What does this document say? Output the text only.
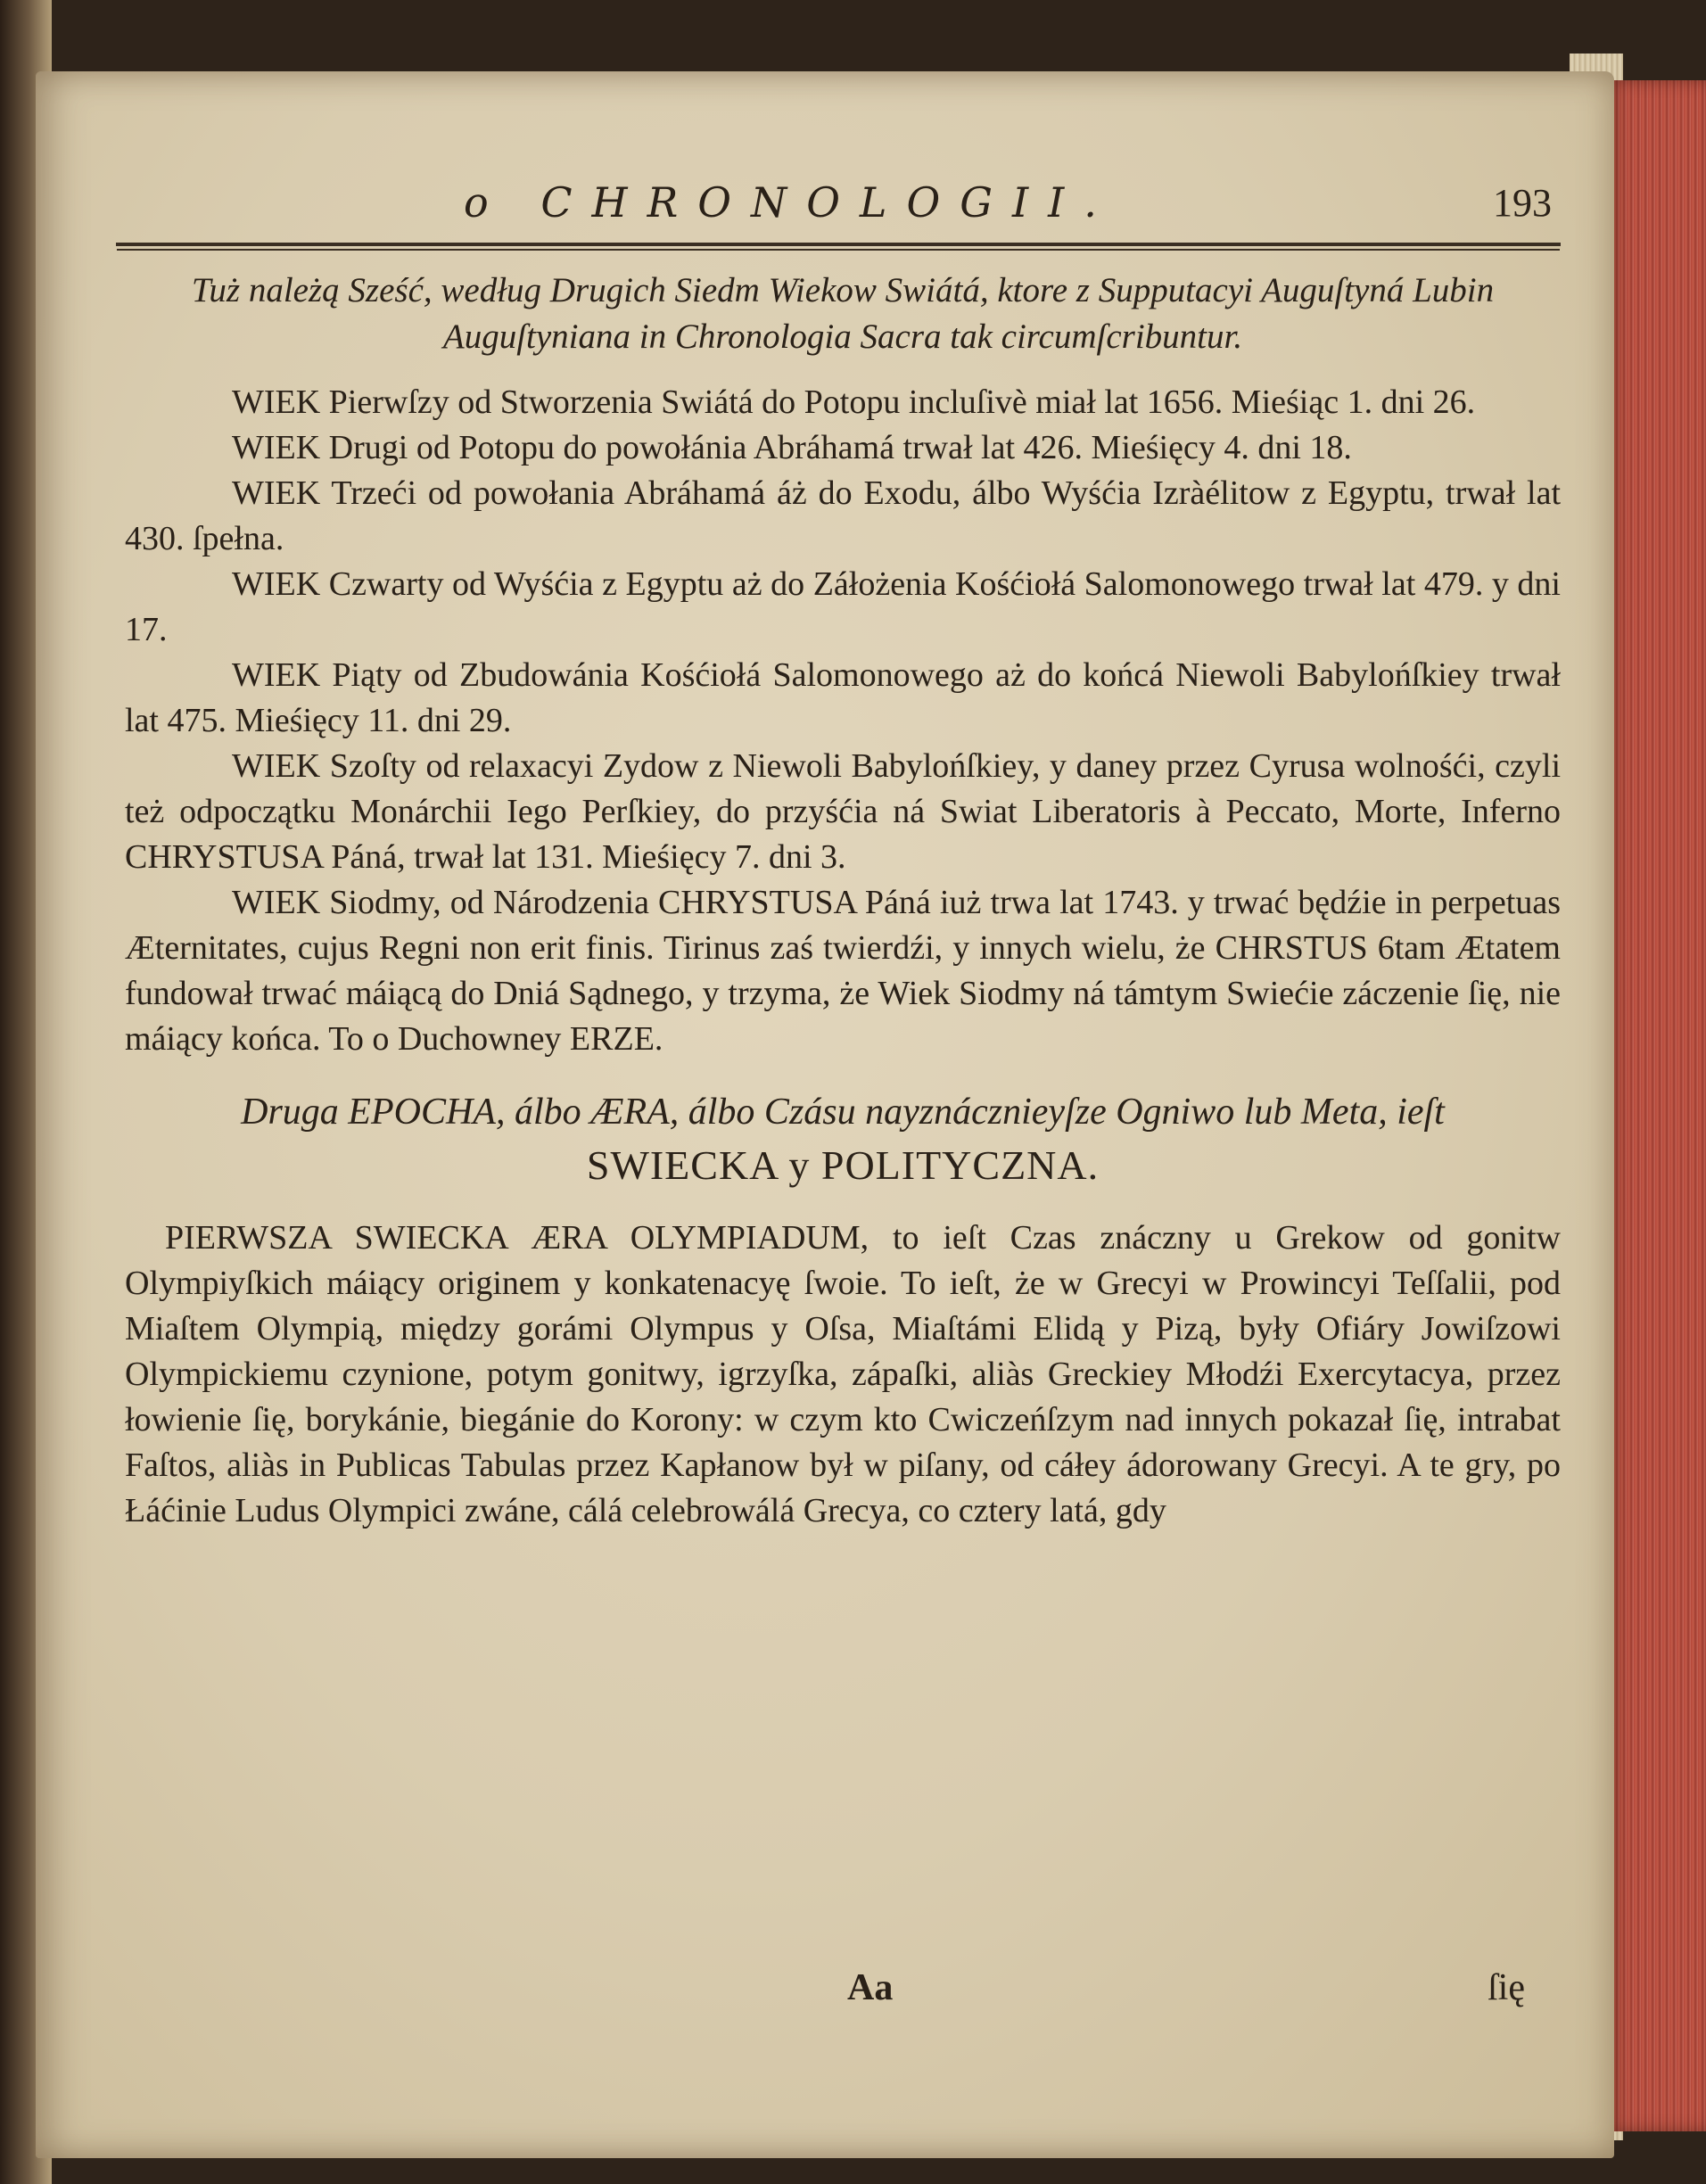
o CHRONOLOGII.	193

Tuż należą Sześć, według Drugich Siedm Wiekow Swiátá, ktore z Supputacyi Auguſtyná Lubin Auguſtyniana in Chronologia Sacra tak circumſcribuntur.

WIEK Pierwſzy od Stworzenia Swiátá do Potopu incluſivè miał lat 1656. Mieśiąc 1. dni 26.

WIEK Drugi od Potopu do powołánia Abráhamá trwał lat 426. Mieśięcy 4. dni 18.

WIEK Trzeći od powołania Abráhamá áż do Exodu, álbo Wyśćia Izràélitow z Egyptu, trwał lat 430. ſpełna.

WIEK Czwarty od Wyśćia z Egyptu aż do Záłożenia Kośćiołá Salomonowego trwał lat 479. y dni 17.

WIEK Piąty od Zbudowánia Kośćiołá Salomonowego aż do końcá Niewoli Babylońſkiey trwał lat 475. Mieśięcy 11. dni 29.

WIEK Szoſty od relaxacyi Zydow z Niewoli Babylońſkiey, y daney przez Cyrusa wolnośći, czyli też odpoczątku Monárchii Iego Perſkiey, do przyśćia ná Swiat Liberatoris à Peccato, Morte, Inferno CHRYSTUSA Páná, trwał lat 131. Mieśięcy 7. dni 3.

WIEK Siodmy, od Národzenia CHRYSTUSA Páná iuż trwa lat 1743. y trwać będźie in perpetuas Æternitates, cujus Regni non erit finis. Tirinus zaś twierdźi, y innych wielu, że CHRSTUS 6tam Ætatem fundował trwać máiącą do Dniá Sądnego, y trzyma, że Wiek Siodmy ná támtym Swiećie záczenie ſię, nie máiący końca. To o Duchowney ERZE.

Druga EPOCHA, álbo ÆRA, álbo Czásu nayznácznieyſze Ogniwo lub Meta, ieſt SWIECKA y POLITYCZNA.

PIERWSZA SWIECKA ÆRA OLYMPIADUM, to ieſt Czas znáczny u Grekow od gonitw Olympiyſkich máiący originem y konkatenacyę ſwoie. To ieſt, że w Grecyi w Prowincyi Teſſalii, pod Miaſtem Olympią, między gorámi Olympus y Oſsa, Miaſtámi Elidą y Pizą, były Ofiáry Jowiſzowi Olympickiemu czynione, potym gonitwy, igrzyſka, zápaſki, aliàs Greckiey Młodźi Exercytacya, przez łowienie ſię, borykánie, biegánie do Korony: w czym kto Cwiczeńſzym nad innych pokazał ſię, intrabat Faſtos, aliàs in Publicas Tabulas przez Kapłanow był w piſany, od cáłey ádorowany Grecyi. A te gry, po Łáćinie Ludus Olympici zwáne, cálá celebrowálá Grecya, co cztery latá, gdy

Aa	ſię
